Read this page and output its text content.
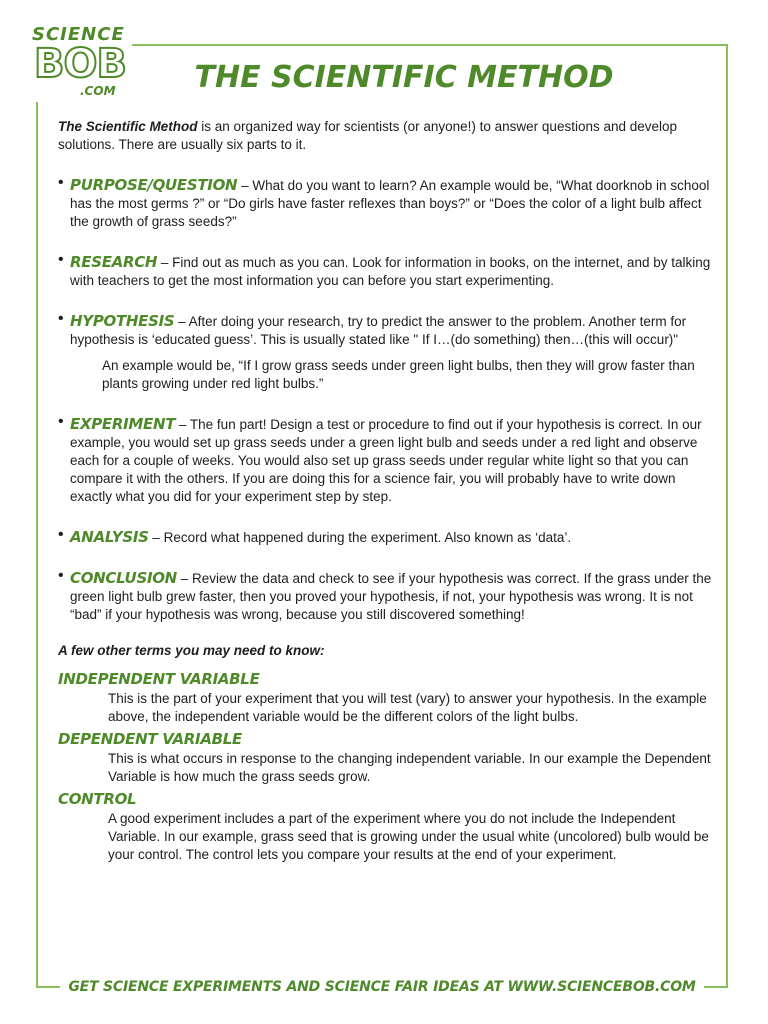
SCIENCE
BOB
.COM	THE SCIENTIFIC METHOD

The Scientific Method is an organized way for scientists (or anyone!) to answer questions and develop solutions. There are usually six parts to it.

• PURPOSE/QUESTION – What do you want to learn? An example would be, “What doorknob in school has the most germs ?” or “Do girls have faster reflexes than boys?” or “Does the color of a light bulb affect the growth of grass seeds?”
• RESEARCH – Find out as much as you can. Look for information in books, on the internet, and by talking with teachers to get the most information you can before you start experimenting.
• HYPOTHESIS – After doing your research, try to predict the answer to the problem. Another term for hypothesis is ‘educated guess’. This is usually stated like " If I…(do something) then…(this will occur)"
An example would be, “If I grow grass seeds under green light bulbs, then they will grow faster than plants growing under red light bulbs.”
• EXPERIMENT – The fun part! Design a test or procedure to find out if your hypothesis is correct. In our example, you would set up grass seeds under a green light bulb and seeds under a red light and observe each for a couple of weeks. You would also set up grass seeds under regular white light so that you can compare it with the others. If you are doing this for a science fair, you will probably have to write down exactly what you did for your experiment step by step.
• ANALYSIS – Record what happened during the experiment. Also known as ‘data’.
• CONCLUSION – Review the data and check to see if your hypothesis was correct. If the grass under the green light bulb grew faster, then you proved your hypothesis, if not, your hypothesis was wrong. It is not “bad” if your hypothesis was wrong, because you still discovered something!
A few other terms you may need to know:
INDEPENDENT VARIABLE
This is the part of your experiment that you will test (vary) to answer your hypothesis. In the example above, the independent variable would be the different colors of the light bulbs.
DEPENDENT VARIABLE
This is what occurs in response to the changing independent variable. In our example the Dependent Variable is how much the grass seeds grow.
CONTROL
A good experiment includes a part of the experiment where you do not include the Independent Variable. In our example, grass seed that is growing under the usual white (uncolored) bulb would be your control. The control lets you compare your results at the end of your experiment.
GET SCIENCE EXPERIMENTS AND SCIENCE FAIR IDEAS AT WWW.SCIENCEBOB.COM
